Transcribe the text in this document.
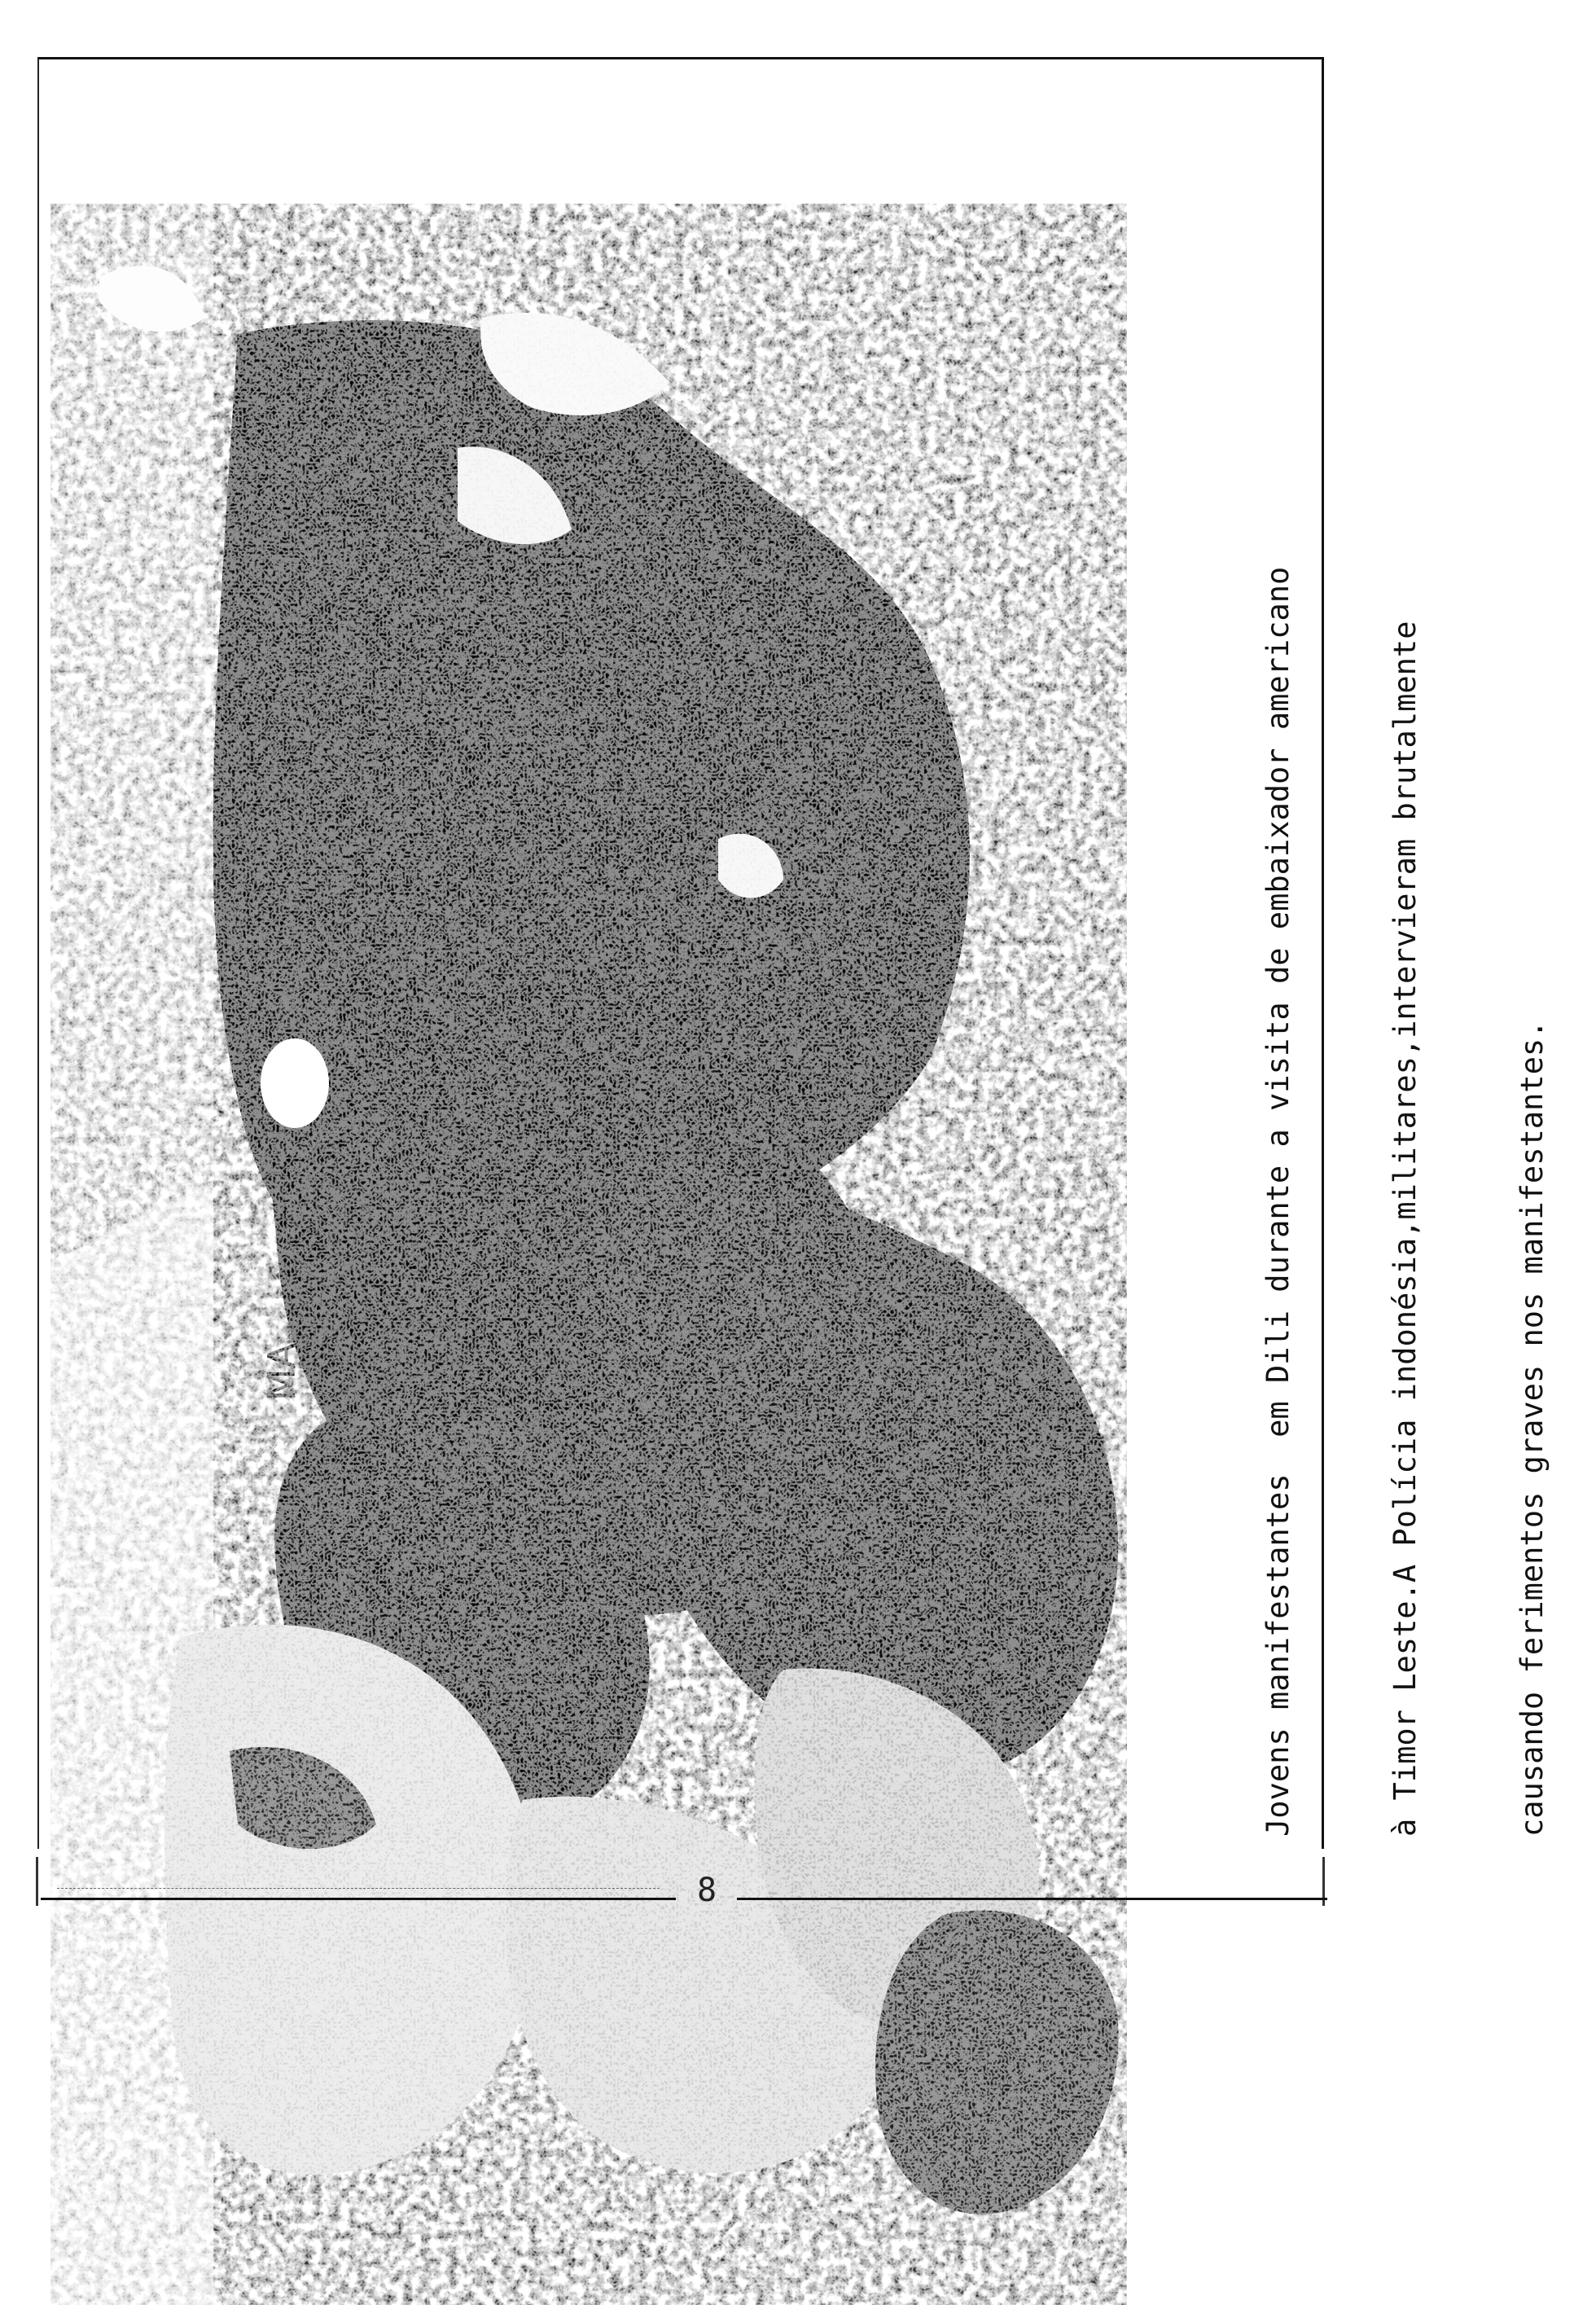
Jovens manifestantes  em Dili durante a visita de embaixador americano

	à Timor Leste.A Polícia indonésia,militares,intervieram brutalmente

	causando ferimentos graves nos manifestantes.

8
